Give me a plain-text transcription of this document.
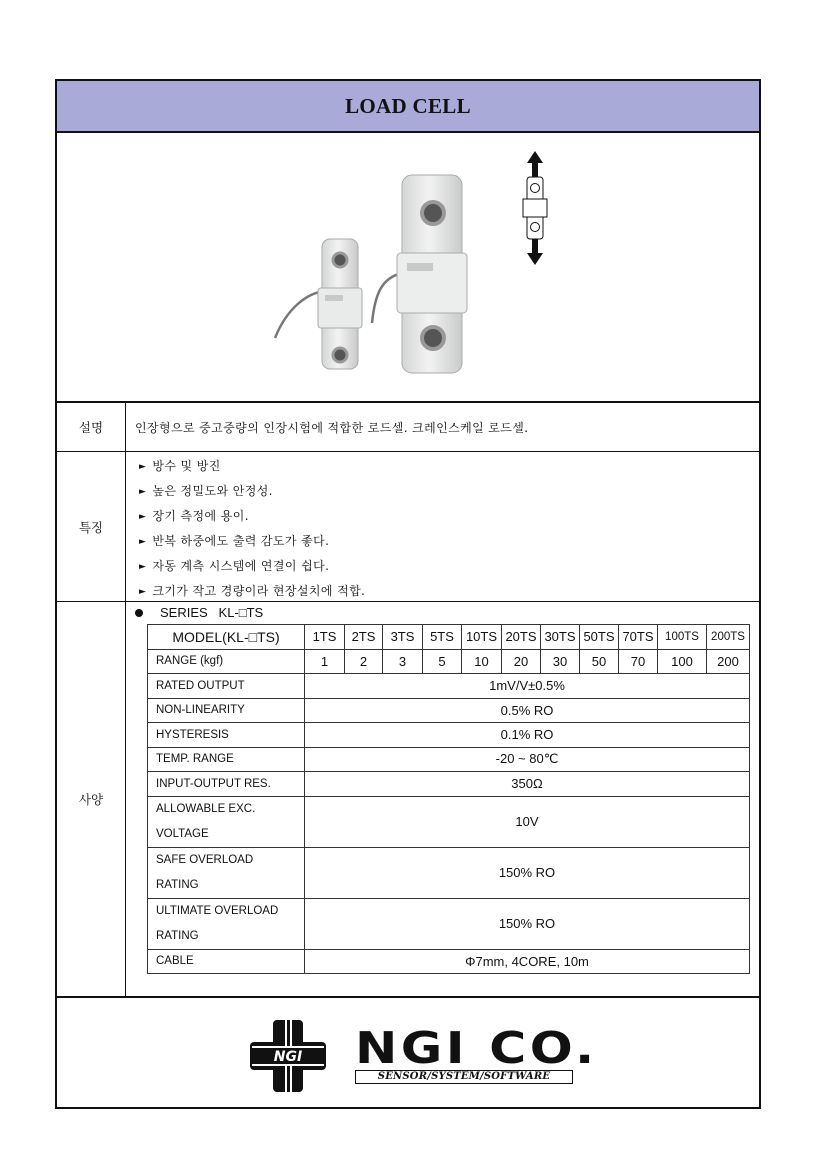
LOAD CELL
설명	인장형으로 중고중량의 인장시험에 적합한 로드셀. 크레인스케일 로드셀.
특징
► 방수 및 방진
► 높은 정밀도와 안정성.
► 장기 측정에 용이.
► 반복 하중에도 출력 감도가 좋다.
► 자동 계측 시스템에 연결이 쉽다.
► 크기가 작고 경량이라 현장설치에 적합.
사양
SERIES   KL-□TS
MODEL(KL-□TS)	1TS	2TS	3TS	5TS	10TS	20TS	30TS	50TS	70TS	100TS	200TS
RANGE (kgf)	1	2	3	5	10	20	30	50	70	100	200
RATED OUTPUT	1mV/V±0.5%										
NON-LINEARITY	0.5% RO										
HYSTERESIS	0.1% RO										
TEMP. RANGE	-20 ~ 80℃										
INPUT-OUTPUT RES.	350Ω										

ALLOWABLE EXC.
VOLTAGE	10V										

SAFE OVERLOAD
RATING	150% RO										

ULTIMATE OVERLOAD
RATING	150% RO										
CABLE	Φ7mm, 4CORE, 10m										
NGI NGI CO.
SENSOR/SYSTEM/SOFTWARE
